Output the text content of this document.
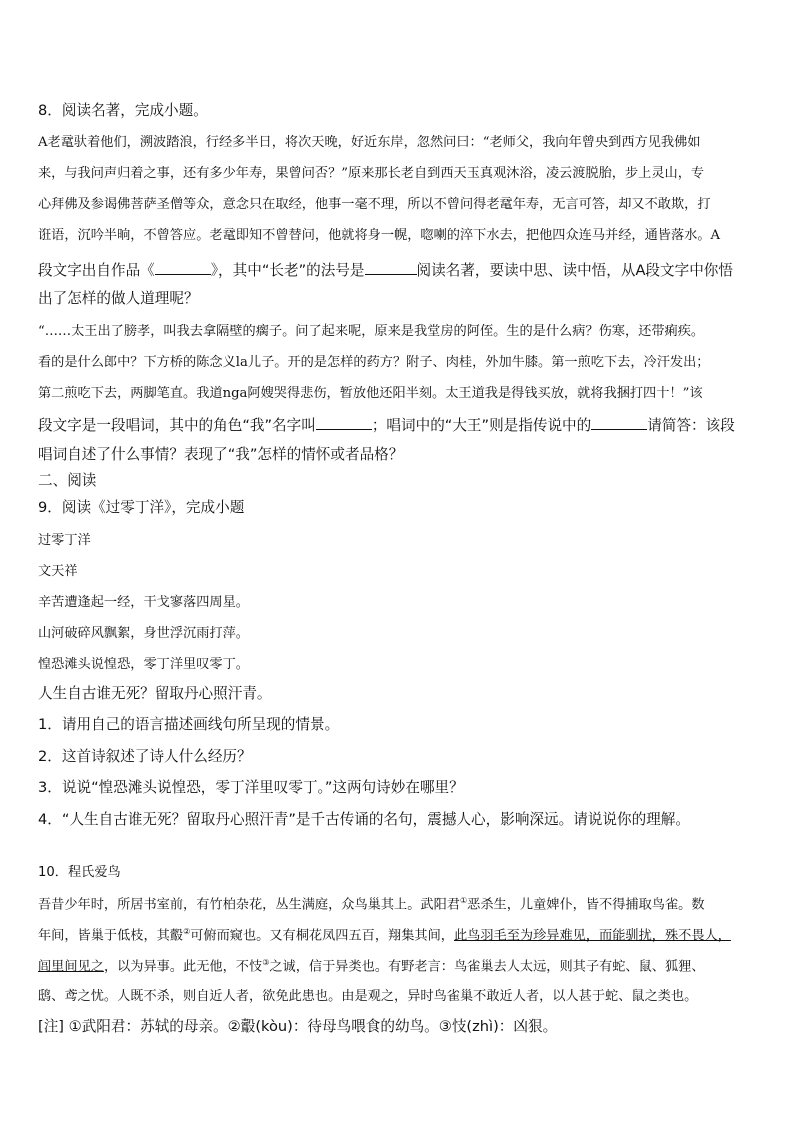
8．阅读名著，完成小题。
A老鼋驮着他们，溯波踏浪，行经多半日，将次天晚，好近东岸，忽然问曰：“老师父，我向年曾央到西方见我佛如
来，与我问声归着之事，还有多少年寿，果曾问否？”原来那长老自到西天玉真观沐浴，凌云渡脱胎，步上灵山，专
心拜佛及参谒佛菩萨圣僧等众，意念只在取经，他事一毫不理，所以不曾问得老鼋年寿，无言可答，却又不敢欺，打
诳语，沉吟半晌，不曾答应。老鼋即知不曾替问，他就将身一幌，唿喇的淬下水去，把他四众连马并经，通皆落水。A
段文字出自作品《	》，其中“长老”的法号是	阅读名著，要读中思、读中悟，从A段文字中你悟
出了怎样的做人道理呢？
“……太王出了膀孝，叫我去拿隔壁的瘸子。问了起来呢，原来是我堂房的阿侄。生的是什么病？伤寒，还带痢疾。
看的是什么郎中？下方桥的陈念义la儿子。开的是怎样的药方？附子、肉桂，外加牛膝。第一煎吃下去，冷汗发出；
第二煎吃下去，两脚笔直。我道nga阿嫂哭得悲伤，暂放他还阳半刻。太王道我是得钱买放，就将我捆打四十！”该
段文字是一段唱词，其中的角色“我”名字叫	；唱词中的“大王”则是指传说中的	请简答：该段
唱词自述了什么事情？表现了“我”怎样的情怀或者品格？
二、阅读
9．阅读《过零丁洋》，完成小题
过零丁洋
文天祥
辛苦遭逢起一经，干戈寥落四周星。
山河破碎风飘絮，身世浮沉雨打萍。
惶恐滩头说惶恐，零丁洋里叹零丁。
人生自古谁无死？留取丹心照汗青。
1．请用自己的语言描述画线句所呈现的情景。
2．这首诗叙述了诗人什么经历？
3．说说“惶恐滩头说惶恐，零丁洋里叹零丁。”这两句诗妙在哪里？
4．“人生自古谁无死？留取丹心照汗青”是千古传诵的名句，震撼人心，影响深远。请说说你的理解。
10．程氏爱鸟
吾昔少年时，所居书室前，有竹柏杂花，丛生满庭，众鸟巢其上。武阳君①恶杀生，儿童婢仆，皆不得捕取鸟雀。数
年间，皆巢于低枝，其鷇②可俯而窥也。又有桐花凤四五百，翔集其间，此鸟羽毛至为珍异难见，而能驯扰，殊不畏人，
闾里间见之，以为异事。此无他，不忮③之诚，信于异类也。有野老言：鸟雀巢去人太远，则其子有蛇、鼠、狐狸、
鸱、鸢之忧。人既不杀，则自近人者，欲免此患也。由是观之，异时鸟雀巢不敢近人者，以人甚于蛇、鼠之类也。
[注] ①武阳君：苏轼的母亲。②鷇(kòu)：待母鸟喂食的幼鸟。③忮(zhì)：凶狠。
